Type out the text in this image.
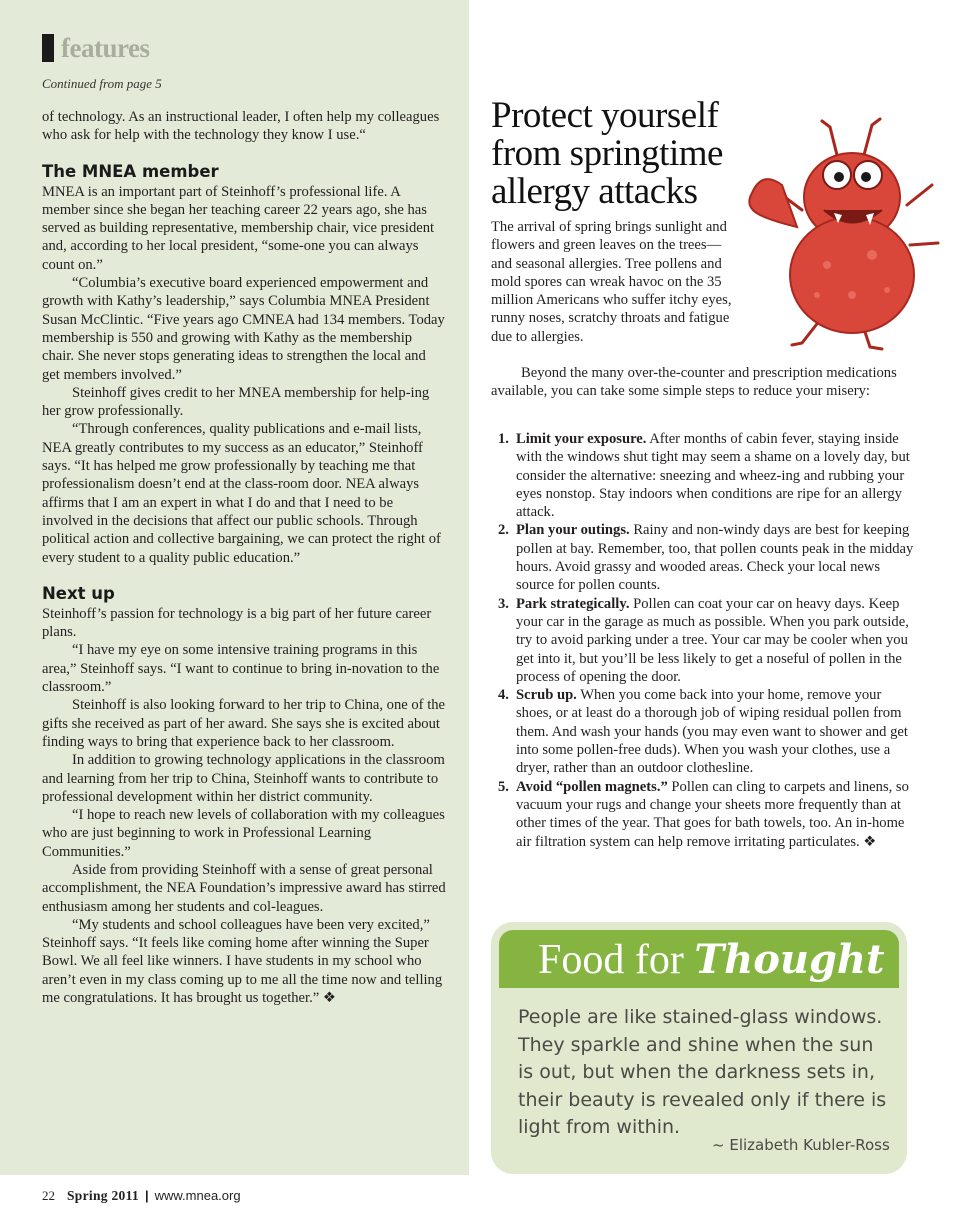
features
Continued from page 5

of technology. As an instructional leader, I often help my colleagues who ask for help with the technology they know I use.“

The MNEA member

MNEA is an important part of Steinhoff’s professional life. A member since she began her teaching career 22 years ago, she has served as building representative, membership chair, vice president and, according to her local president, “some-one you can always count on.”

“Columbia’s executive board experienced empowerment and growth with Kathy’s leadership,” says Columbia MNEA President Susan McClintic. “Five years ago CMNEA had 134 members. Today membership is 550 and growing with Kathy as the membership chair. She never stops generating ideas to strengthen the local and get members involved.”

Steinhoff gives credit to her MNEA membership for help-ing her grow professionally.

“Through conferences, quality publications and e-mail lists, NEA greatly contributes to my success as an educator,” Steinhoff says. “It has helped me grow professionally by teaching me that professionalism doesn’t end at the class-room door. NEA always affirms that I am an expert in what I do and that I need to be involved in the decisions that affect our public schools. Through political action and collective bargaining, we can protect the right of every student to a quality public education.”

Next up

Steinhoff’s passion for technology is a big part of her future career plans.

“I have my eye on some intensive training programs in this area,” Steinhoff says. “I want to continue to bring in-novation to the classroom.”

Steinhoff is also looking forward to her trip to China, one of the gifts she received as part of her award. She says she is excited about finding ways to bring that experience back to her classroom.

In addition to growing technology applications in the classroom and learning from her trip to China, Steinhoff wants to contribute to professional development within her district community.

“I hope to reach new levels of collaboration with my colleagues who are just beginning to work in Professional Learning Communities.”

Aside from providing Steinhoff with a sense of great personal accomplishment, the NEA Foundation’s impressive award has stirred enthusiasm among her students and col-leagues.

“My students and school colleagues have been very excited,” Steinhoff says. “It feels like coming home after winning the Super Bowl. We all feel like winners. I have students in my school who aren’t even in my class coming up to me all the time now and telling me congratulations. It has brought us together.” ❖

Protect yourself from springtime allergy attacks
The arrival of spring brings sunlight and flowers and green leaves on the trees—and seasonal allergies. Tree pollens and mold spores can wreak havoc on the 35 million Americans who suffer itchy eyes, runny noses, scratchy throats and fatigue due to allergies.
Beyond the many over-the-counter and prescription medications available, you can take some simple steps to reduce your misery:
1. Limit your exposure. After months of cabin fever, staying inside with the windows shut tight may seem a shame on a lovely day, but consider the alternative: sneezing and wheez-ing and rubbing your eyes nonstop. Stay indoors when conditions are ripe for an allergy attack.
2. Plan your outings. Rainy and non-windy days are best for keeping pollen at bay. Remember, too, that pollen counts peak in the midday hours. Avoid grassy and wooded areas. Check your local news source for pollen counts.
3. Park strategically. Pollen can coat your car on heavy days. Keep your car in the garage as much as possible. When you park outside, try to avoid parking under a tree. Your car may be cooler when you get into it, but you’ll be less likely to get a noseful of pollen in the process of opening the door.
4. Scrub up. When you come back into your home, remove your shoes, or at least do a thorough job of wiping residual pollen from them. And wash your hands (you may even want to shower and get into some pollen-free duds). When you wash your clothes, use a dryer, rather than an outdoor clothesline.
5. Avoid “pollen magnets.” Pollen can cling to carpets and linens, so vacuum your rugs and change your sheets more frequently than at other times of the year. That goes for bath towels, too. An in-home air filtration system can help remove irritating particulates. ❖
Food for Thought
People are like stained-glass windows. They sparkle and shine when the sun is out, but when the darkness sets in, their beauty is revealed only if there is light from within.
~ Elizabeth Kubler-Ross
22 Spring 2011 | www.mnea.org
